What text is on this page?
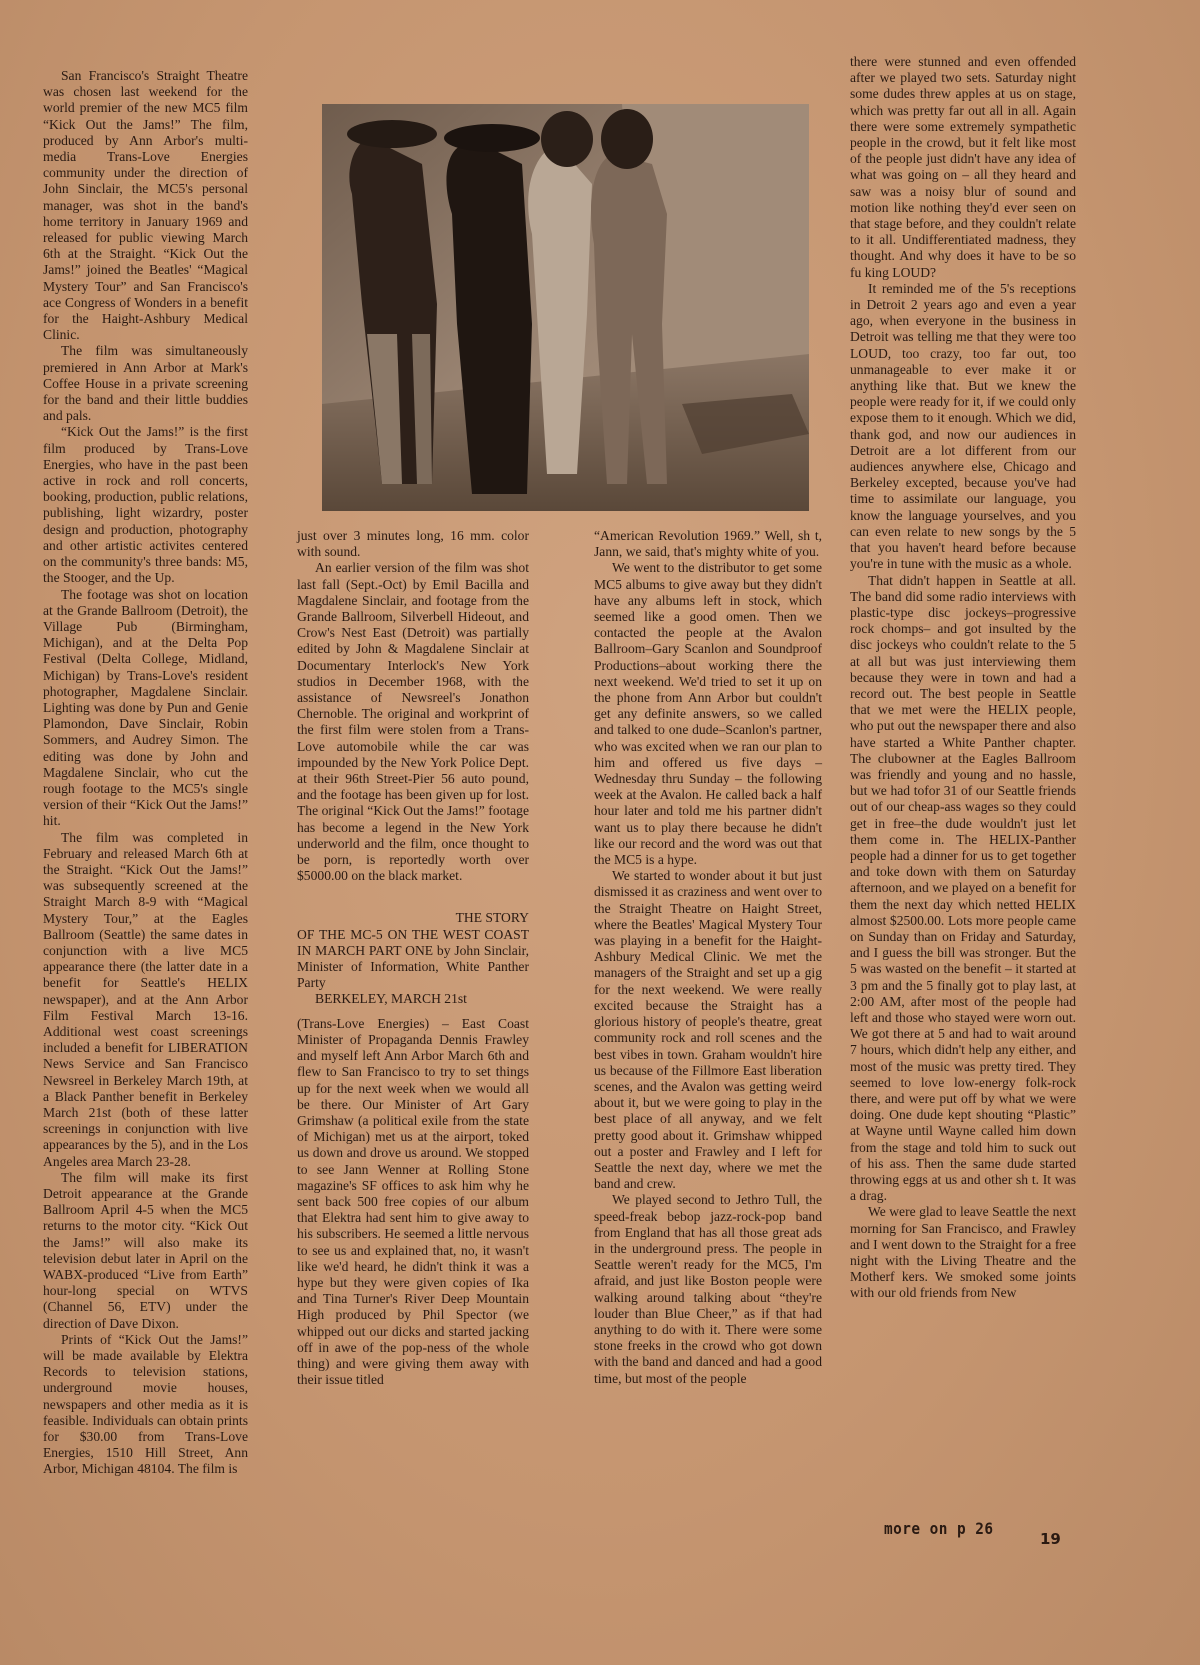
San Francisco's Straight Theatre was chosen last weekend for the world premier of the new MC5 film “Kick Out the Jams!” The film, produced by Ann Arbor's multi-media Trans-Love Energies community under the direction of John Sinclair, the MC5's personal manager, was shot in the band's home territory in January 1969 and released for public viewing March 6th at the Straight. “Kick Out the Jams!” joined the Beatles' “Magical Mystery Tour” and San Francisco's ace Congress of Wonders in a benefit for the Haight-Ashbury Medical Clinic.

The film was simultaneously premiered in Ann Arbor at Mark's Coffee House in a private screening for the band and their little buddies and pals.

“Kick Out the Jams!” is the first film produced by Trans-Love Energies, who have in the past been active in rock and roll concerts, booking, production, public relations, publishing, light wizardry, poster design and production, photography and other artistic activites centered on the community's three bands: M5, the Stooger, and the Up.

The footage was shot on location at the Grande Ballroom (Detroit), the Village Pub (Birmingham, Michigan), and at the Delta Pop Festival (Delta College, Midland, Michigan) by Trans-Love's resident photographer, Magdalene Sinclair. Lighting was done by Pun and Genie Plamondon, Dave Sinclair, Robin Sommers, and Audrey Simon. The editing was done by John and Magdalene Sinclair, who cut the rough footage to the MC5's single version of their “Kick Out the Jams!” hit.

The film was completed in February and released March 6th at the Straight. “Kick Out the Jams!” was subsequently screened at the Straight March 8-9 with “Magical Mystery Tour,” at the Eagles Ballroom (Seattle) the same dates in conjunction with a live MC5 appearance there (the latter date in a benefit for Seattle's HELIX newspaper), and at the Ann Arbor Film Festival March 13-16. Additional west coast screenings included a benefit for LIBERATION News Service and San Francisco Newsreel in Berkeley March 19th, at a Black Panther benefit in Berkeley March 21st (both of these latter screenings in conjunction with live appearances by the 5), and in the Los Angeles area March 23-28.

The film will make its first Detroit appearance at the Grande Ballroom April 4-5 when the MC5 returns to the motor city. “Kick Out the Jams!” will also make its television debut later in April on the WABX-produced “Live from Earth” hour-long special on WTVS (Channel 56, ETV) under the direction of Dave Dixon.

Prints of “Kick Out the Jams!” will be made available by Elektra Records to television stations, underground movie houses, newspapers and other media as it is feasible. Individuals can obtain prints for $30.00 from Trans-Love Energies, 1510 Hill Street, Ann Arbor, Michigan 48104. The film is

just over 3 minutes long, 16 mm. color with sound.

An earlier version of the film was shot last fall (Sept.-Oct) by Emil Bacilla and Magdalene Sinclair, and footage from the Grande Ballroom, Silverbell Hideout, and Crow's Nest East (Detroit) was partially edited by John & Magdalene Sinclair at Documentary Interlock's New York studios in December 1968, with the assistance of Newsreel's Jonathon Chernoble. The original and workprint of the first film were stolen from a Trans-Love automobile while the car was impounded by the New York Police Dept. at their 96th Street-Pier 56 auto pound, and the footage has been given up for lost. The original “Kick Out the Jams!” footage has become a legend in the New York underworld and the film, once thought to be porn, is reportedly worth over $5000.00 on the black market.

THE STORY

OF THE MC-5 ON THE WEST COAST IN MARCH PART ONE by John Sinclair, Minister of Information, White Panther Party

BERKELEY, MARCH 21st

(Trans-Love Energies) – East Coast Minister of Propaganda Dennis Frawley and myself left Ann Arbor March 6th and flew to San Francisco to try to set things up for the next week when we would all be there. Our Minister of Art Gary Grimshaw (a political exile from the state of Michigan) met us at the airport, toked us down and drove us around. We stopped to see Jann Wenner at Rolling Stone magazine's SF offices to ask him why he sent back 500 free copies of our album that Elektra had sent him to give away to his subscribers. He seemed a little nervous to see us and explained that, no, it wasn't like we'd heard, he didn't think it was a hype but they were given copies of Ika and Tina Turner's River Deep Mountain High produced by Phil Spector (we whipped out our dicks and started jacking off in awe of the pop-ness of the whole thing) and were giving them away with their issue titled

“American Revolution 1969.” Well, sh t, Jann, we said, that's mighty white of you.

We went to the distributor to get some MC5 albums to give away but they didn't have any albums left in stock, which seemed like a good omen. Then we contacted the people at the Avalon Ballroom–Gary Scanlon and Soundproof Productions–about working there the next weekend. We'd tried to set it up on the phone from Ann Arbor but couldn't get any definite answers, so we called and talked to one dude–Scanlon's partner, who was excited when we ran our plan to him and offered us five days – Wednesday thru Sunday – the following week at the Avalon. He called back a half hour later and told me his partner didn't want us to play there because he didn't like our record and the word was out that the MC5 is a hype.

We started to wonder about it but just dismissed it as craziness and went over to the Straight Theatre on Haight Street, where the Beatles' Magical Mystery Tour was playing in a benefit for the Haight-Ashbury Medical Clinic. We met the managers of the Straight and set up a gig for the next weekend. We were really excited because the Straight has a glorious history of people's theatre, great community rock and roll scenes and the best vibes in town. Graham wouldn't hire us because of the Fillmore East liberation scenes, and the Avalon was getting weird about it, but we were going to play in the best place of all anyway, and we felt pretty good about it. Grimshaw whipped out a poster and Frawley and I left for Seattle the next day, where we met the band and crew.

We played second to Jethro Tull, the speed-freak bebop jazz-rock-pop band from England that has all those great ads in the underground press. The people in Seattle weren't ready for the MC5, I'm afraid, and just like Boston people were walking around talking about “they're louder than Blue Cheer,” as if that had anything to do with it. There were some stone freeks in the crowd who got down with the band and danced and had a good time, but most of the people

there were stunned and even offended after we played two sets. Saturday night some dudes threw apples at us on stage, which was pretty far out all in all. Again there were some extremely sympathetic people in the crowd, but it felt like most of the people just didn't have any idea of what was going on – all they heard and saw was a noisy blur of sound and motion like nothing they'd ever seen on that stage before, and they couldn't relate to it all. Undifferentiated madness, they thought. And why does it have to be so fu king LOUD?

It reminded me of the 5's receptions in Detroit 2 years ago and even a year ago, when everyone in the business in Detroit was telling me that they were too LOUD, too crazy, too far out, too unmanageable to ever make it or anything like that. But we knew the people were ready for it, if we could only expose them to it enough. Which we did, thank god, and now our audiences in Detroit are a lot different from our audiences anywhere else, Chicago and Berkeley excepted, because you've had time to assimilate our language, you know the language yourselves, and you can even relate to new songs by the 5 that you haven't heard before because you're in tune with the music as a whole.

That didn't happen in Seattle at all. The band did some radio interviews with plastic-type disc jockeys–progressive rock chomps– and got insulted by the disc jockeys who couldn't relate to the 5 at all but was just interviewing them because they were in town and had a record out. The best people in Seattle that we met were the HELIX people, who put out the newspaper there and also have started a White Panther chapter. The clubowner at the Eagles Ballroom was friendly and young and no hassle, but we had tofor 31 of our Seattle friends out of our cheap-ass wages so they could get in free–the dude wouldn't just let them come in. The HELIX-Panther people had a dinner for us to get together and toke down with them on Saturday afternoon, and we played on a benefit for them the next day which netted HELIX almost $2500.00. Lots more people came on Sunday than on Friday and Saturday, and I guess the bill was stronger. But the 5 was wasted on the benefit – it started at 3 pm and the 5 finally got to play last, at 2:00 AM, after most of the people had left and those who stayed were worn out. We got there at 5 and had to wait around 7 hours, which didn't help any either, and most of the music was pretty tired. They seemed to love low-energy folk-rock there, and were put off by what we were doing. One dude kept shouting “Plastic” at Wayne until Wayne called him down from the stage and told him to suck out of his ass. Then the same dude started throwing eggs at us and other sh t. It was a drag.

We were glad to leave Seattle the next morning for San Francisco, and Frawley and I went down to the Straight for a free night with the Living Theatre and the Motherf kers. We smoked some joints with our old friends from New

more on p 26
19
